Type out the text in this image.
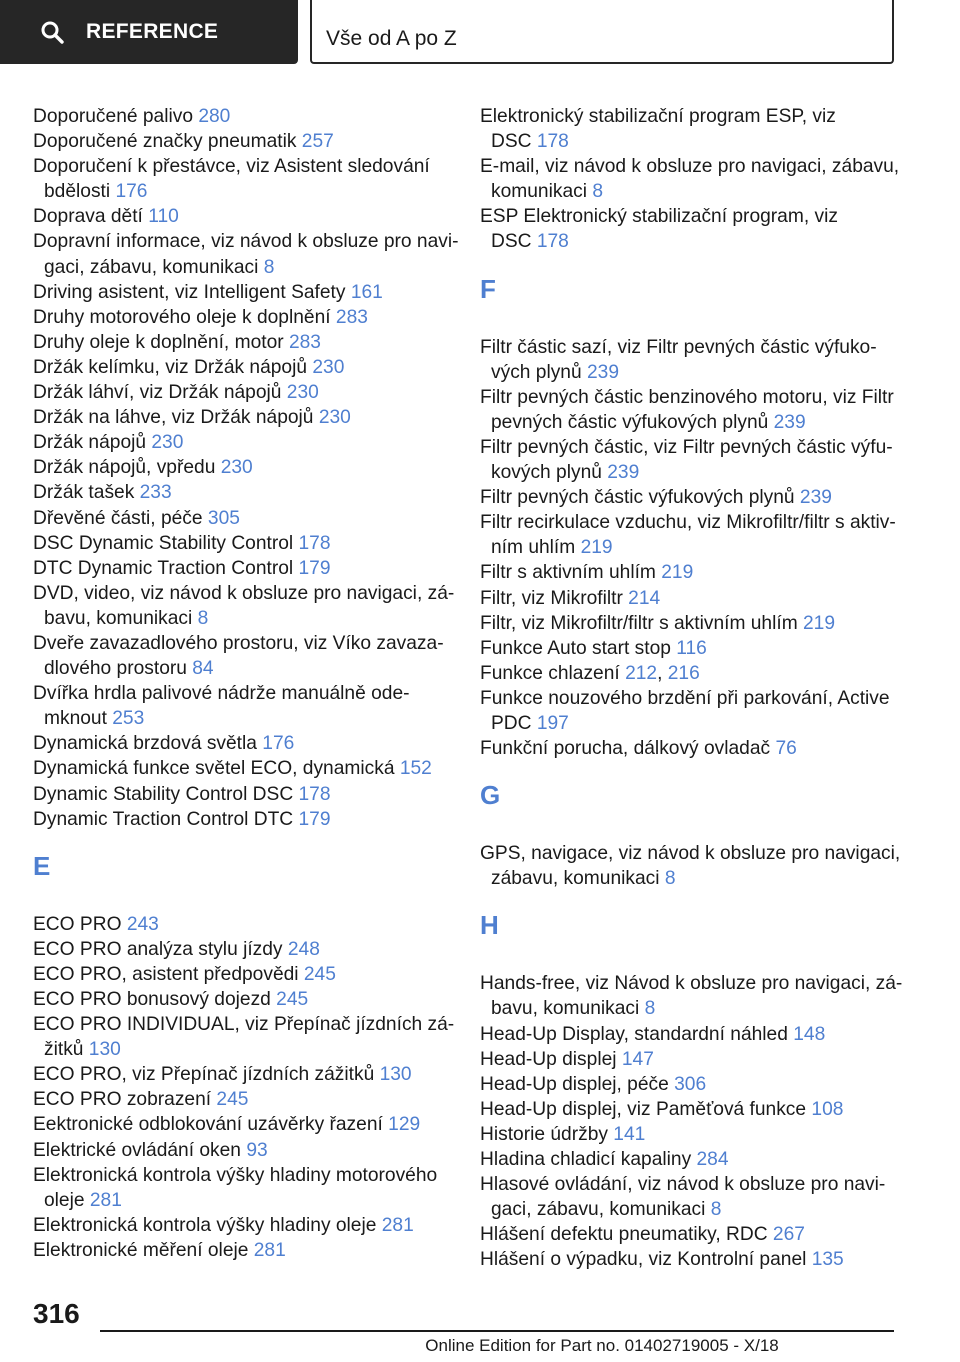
REFERENCE	Vše od A po Z
Doporučené palivo 280
Doporučené značky pneumatik 257
Doporučení k přestávce, viz Asistent sledování
bdělosti 176
Doprava dětí 110
Dopravní informace, viz návod k obsluze pro navi‐
gaci, zábavu, komunikaci 8
Driving asistent, viz Intelligent Safety 161
Druhy motorového oleje k doplnění 283
Druhy oleje k doplnění, motor 283
Držák kelímku, viz Držák nápojů 230
Držák láhví, viz Držák nápojů 230
Držák na láhve, viz Držák nápojů 230
Držák nápojů 230
Držák nápojů, vpředu 230
Držák tašek 233
Dřevěné části, péče 305
DSC Dynamic Stability Control 178
DTC Dynamic Traction Control 179
DVD, video, viz návod k obsluze pro navigaci, zá‐
bavu, komunikaci 8
Dveře zavazadlového prostoru, viz Víko zavaza‐
dlového prostoru 84
Dvířka hrdla palivové nádrže manuálně ode‐
mknout 253
Dynamická brzdová světla 176
Dynamická funkce světel ECO, dynamická 152
Dynamic Stability Control DSC 178
Dynamic Traction Control DTC 179
E
ECO PRO 243
ECO PRO analýza stylu jízdy 248
ECO PRO, asistent předpovědi 245
ECO PRO bonusový dojezd 245
ECO PRO INDIVIDUAL, viz Přepínač jízdních zá‐
žitků 130
ECO PRO, viz Přepínač jízdních zážitků 130
ECO PRO zobrazení 245
Eektronické odblokování uzávěrky řazení 129
Elektrické ovládání oken 93
Elektronická kontrola výšky hladiny motorového
oleje 281
Elektronická kontrola výšky hladiny oleje 281
Elektronické měření oleje 281
Elektronický stabilizační program ESP, viz
DSC 178
E-mail, viz návod k obsluze pro navigaci, zábavu,
komunikaci 8
ESP Elektronický stabilizační program, viz
DSC 178
F
Filtr částic sazí, viz Filtr pevných částic výfuko‐
vých plynů 239
Filtr pevných částic benzinového motoru, viz Filtr
pevných částic výfukových plynů 239
Filtr pevných částic, viz Filtr pevných částic výfu‐
kových plynů 239
Filtr pevných částic výfukových plynů 239
Filtr recirkulace vzduchu, viz Mikrofiltr/filtr s aktiv‐
ním uhlím 219
Filtr s aktivním uhlím 219
Filtr, viz Mikrofiltr 214
Filtr, viz Mikrofiltr/filtr s aktivním uhlím 219
Funkce Auto start stop 116
Funkce chlazení 212, 216
Funkce nouzového brzdění při parkování, Active
PDC 197
Funkční porucha, dálkový ovladač 76
G
GPS, navigace, viz návod k obsluze pro navigaci,
zábavu, komunikaci 8
H
Hands-free, viz Návod k obsluze pro navigaci, zá‐
bavu, komunikaci 8
Head-Up Display, standardní náhled 148
Head-Up displej 147
Head-Up displej, péče 306
Head-Up displej, viz Paměťová funkce 108
Historie údržby 141
Hladina chladicí kapaliny 284
Hlasové ovládání, viz návod k obsluze pro navi‐
gaci, zábavu, komunikaci 8
Hlášení defektu pneumatiky, RDC 267
Hlášení o výpadku, viz Kontrolní panel 135
316
Online Edition for Part no. 01402719005 - X/18
